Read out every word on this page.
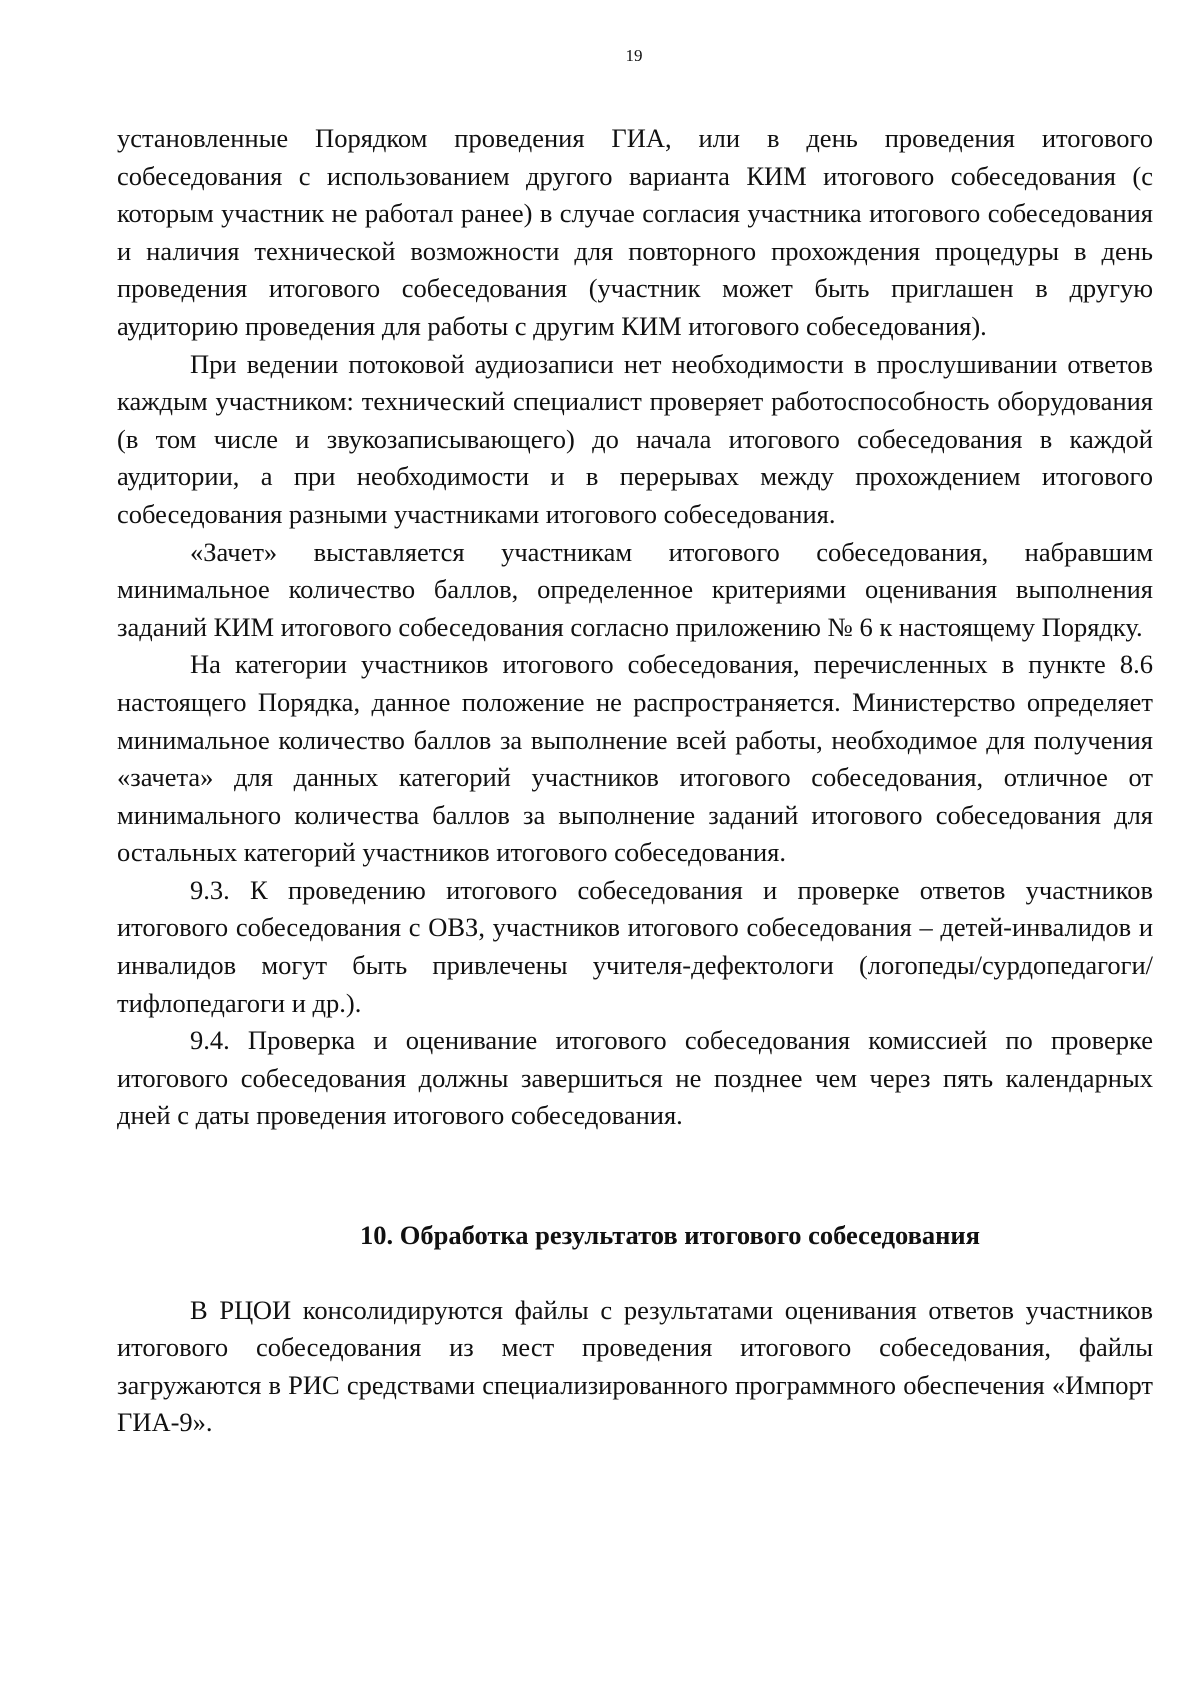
19

установленные Порядком проведения ГИА, или в день проведения итогового собеседования с использованием другого варианта КИМ итогового собеседования (с которым участник не работал ранее) в случае согласия участника итогового собеседования и наличия технической возможности для повторного прохождения процедуры в день проведения итогового собеседования (участник может быть приглашен в другую аудиторию проведения для работы с другим КИМ итогового собеседования).

При ведении потоковой аудиозаписи нет необходимости в прослушивании ответов каждым участником: технический специалист проверяет работоспособность оборудования (в том числе и звукозаписывающего) до начала итогового собеседования в каждой аудитории, а при необходимости и в перерывах между прохождением итогового собеседования разными участниками итогового собеседования.

«Зачет» выставляется участникам итогового собеседования, набравшим минимальное количество баллов, определенное критериями оценивания выполнения заданий КИМ итогового собеседования согласно приложению № 6 к настоящему Порядку.

На категории участников итогового собеседования, перечисленных в пункте 8.6 настоящего Порядка, данное положение не распространяется. Министерство определяет минимальное количество баллов за выполнение всей работы, необходимое для получения «зачета» для данных категорий участников итогового собеседования, отличное от минимального количества баллов за выполнение заданий итогового собеседования для остальных категорий участников итогового собеседования.

9.3. К проведению итогового собеседования и проверке ответов участников итогового собеседования с ОВЗ, участников итогового собеседования – детей-инвалидов и инвалидов могут быть привлечены учителя-дефектологи (логопеды/сурдопедагоги/тифлопедагоги и др.).

9.4. Проверка и оценивание итогового собеседования комиссией по проверке итогового собеседования должны завершиться не позднее чем через пять календарных дней с даты проведения итогового собеседования.

10. Обработка результатов итогового собеседования

В РЦОИ консолидируются файлы с результатами оценивания ответов участников итогового собеседования из мест проведения итогового собеседования, файлы загружаются в РИС средствами специализированного программного обеспечения «Импорт ГИА-9».
